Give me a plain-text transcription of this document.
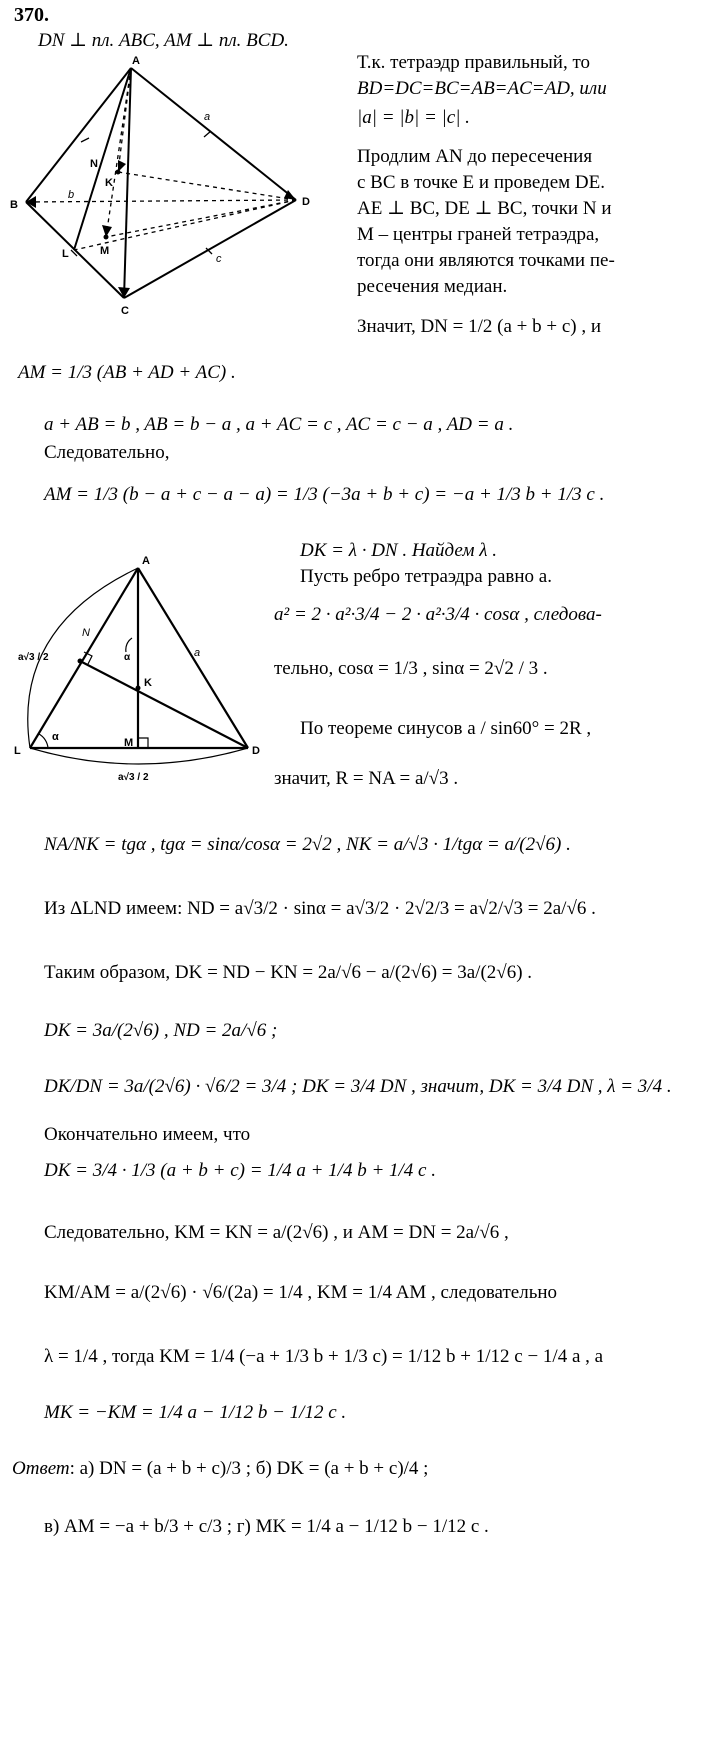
370.
DN ⊥ пл. ABC, AM ⊥ пл. BCD.
A
B
C
D
N
K
L	M
a
b
c
Т.к. тетраэдр правильный, то
BD=DC=BC=AB=AC=AD, или
|a| = |b| = |c| .
Продлим AN до пересечения
с BC в точке E и проведем DE.
AE ⊥ BC, DE ⊥ BC, точки N и
M – центры граней тетраэдра,
тогда они являются точками пе-
ресечения медиан.
Значит, DN = 1/2 (a + b + c) , и
AM = 1/3 (AB + AD + AC) .
a + AB = b , AB = b − a , a + AC = c , AC = c − a , AD = a .
Следовательно,
AM = 1/3 (b − a + c − a − a) = 1/3 (−3a + b + c) = −a + 1/3 b + 1/3 c .
A
N
K
L
M
D
a
α
α
a√3 / 2
a√3 / 2
DK = λ · DN . Найдем λ .
Пусть ребро тетраэдра равно a.
a² = 2 · a²·3/4 − 2 · a²·3/4 · cosα , следова-
тельно, cosα = 1/3 , sinα = 2√2 / 3 .
По теореме синусов a / sin60° = 2R ,
значит, R = NA = a/√3 .
NA/NK = tgα , tgα = sinα/cosα = 2√2 , NK = a/√3 · 1/tgα = a/(2√6) .
Из ΔLND имеем: ND = a√3/2 · sinα = a√3/2 · 2√2/3 = a√2/√3 = 2a/√6 .
Таким образом, DK = ND − KN = 2a/√6 − a/(2√6) = 3a/(2√6) .
DK = 3a/(2√6) , ND = 2a/√6 ;
DK/DN = 3a/(2√6) · √6/2 = 3/4 ; DK = 3/4 DN , значит, DK = 3/4 DN , λ = 3/4 .
Окончательно имеем, что
DK = 3/4 · 1/3 (a + b + c) = 1/4 a + 1/4 b + 1/4 c .
Следовательно, KM = KN = a/(2√6) , и AM = DN = 2a/√6 ,
KM/AM = a/(2√6) · √6/(2a) = 1/4 , KM = 1/4 AM , следовательно
λ = 1/4 , тогда KM = 1/4 (−a + 1/3 b + 1/3 c) = 1/12 b + 1/12 c − 1/4 a , а
MK = −KM = 1/4 a − 1/12 b − 1/12 c .
Ответ: а) DN = (a + b + c)/3 ; б) DK = (a + b + c)/4 ;
в) AM = −a + b/3 + c/3 ; г) MK = 1/4 a − 1/12 b − 1/12 c .
